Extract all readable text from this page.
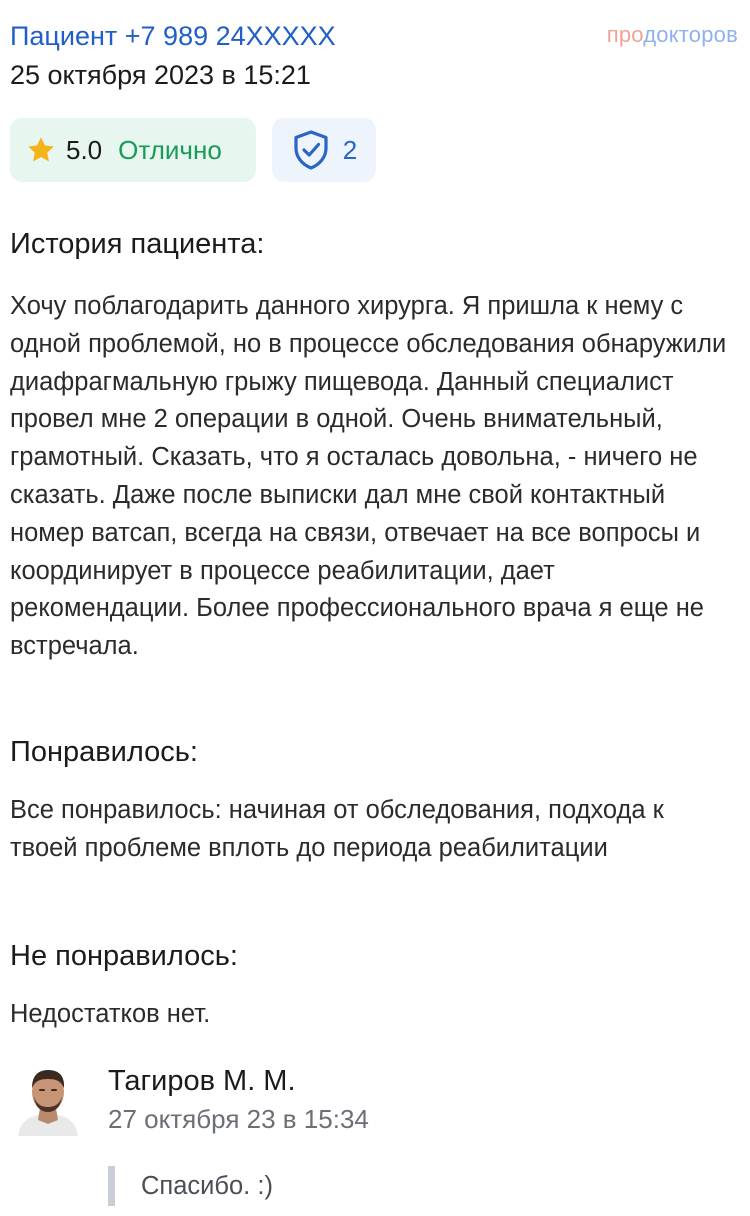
Пациент +7 989 24XXXXX
25 октября 2023 в 15:21
продокторов
5.0 Отлично	2
История пациента:

Хочу поблагодарить данного хирурга. Я пришла к нему с одной проблемой, но в процессе обследования обнаружили диафрагмальную грыжу пищевода. Данный специалист провел мне 2 операции в одной. Очень внимательный, грамотный. Сказать, что я осталась довольна, - ничего не сказать. Даже после выписки дал мне свой контактный номер ватсап, всегда на связи, отвечает на все вопросы и координирует в процессе реабилитации, дает рекомендации. Более профессионального врача я еще не встречала.

Понравилось:

Все понравилось: начиная от обследования, подхода к твоей проблеме вплоть до периода реабилитации

Не понравилось:

Недостатков нет.

Тагиров М. М.
27 октября 23 в 15:34
Спасибо. :)
